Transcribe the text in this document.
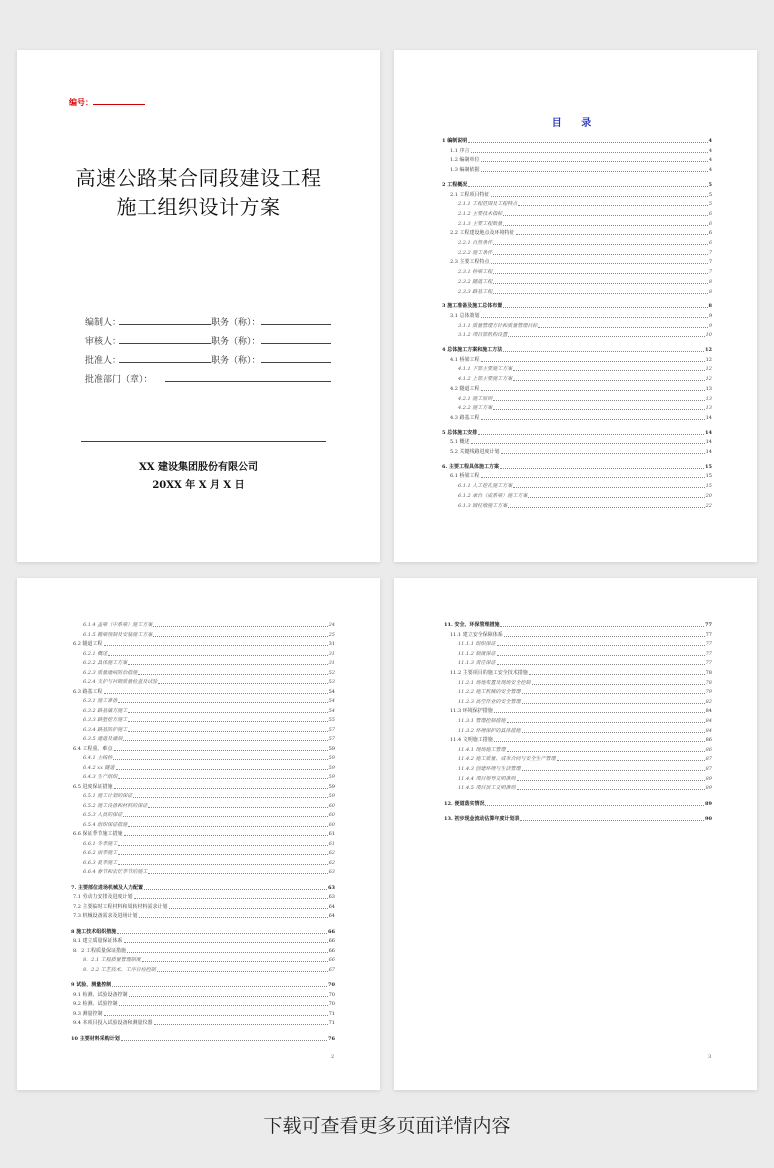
编号：
高速公路某合同段建设工程
施工组织设计方案
编制人：	职务（称）：
审核人：	职务（称）：
批准人：	职务（称）：
批准部门（章）：
XX 建设集团股份有限公司
20XX 年 X 月 X 日
目 录
1 编制说明	4
1.1 序言	4
1.2 编制单位	4
1.3 编制依据	4
2 工程概况	5
2.1 工程项目特征	5
2.1.1 工程范围及工程特点	5
2.1.2 主要技术指标	6
2.1.3 主要工程数量	6
2.2 工程建设地点及环境特征	6
2.2.1 自然条件	6
2.2.2 施工条件	7
2.3 主要工程特点	7
2.3.1 桥梁工程	7
2.3.2 隧道工程	8
2.3.3 路基工程	8
3 施工准备及施工总体布置	8
3.1 总体策划	9
3.1.1 质量管理方针和质量管理目标	9
3.1.2 项目部机构设置	10
4 总体施工方案和施工方法	12
4.1 桥梁工程	12
4.1.1 下部主要施工方案	12
4.1.2 上部主要施工方案	12
4.2 隧道工程	13
4.2.1 施工原则	13
4.2.2 施工方案	13
4.3 路基工程	14
5 总体施工安排	14
5.1 概述	14
5.2 关键线路进度计划	14
6. 主要工程具体施工方案	15
6.1 桥梁工程	15
6.1.1 人工挖孔施工方案	15
6.1.2 承台（或系梁）施工方案	20
6.1.3 圆柱墩施工方案	22
6.1.4 盖梁（中系梁）施工方案	24
6.1.5 箱梁预制及安装施工方案	25
6.2 隧道工程	31
6.2.1 概述	31
6.2.2 具体施工方案	31
6.2.3 质量通病防治措施	52
6.2.4 支护与衬砌质量检查及试验	53
6.3 路基工程	54
6.3.1 施工准备	54
6.3.2 路基填方施工	54
6.3.3 路堑挖方施工	55
6.3.4 路基防护施工	57
6.3.5 通道及涵洞	57
6.4 工程重、难点	59
6.4.1 主线桥	59
6.4.2 xx 隧道	59
6.4.3 生产组织	59
6.5 进度保证措施	59
6.5.1 施工计划的保证	59
6.5.2 施工设备和材料的保证	60
6.5.3 人员的保证	60
6.5.4 组织保证措施	60
6.6 保证季节施工措施	61
6.6.1 冬季施工	61
6.6.2 雨季施工	62
6.6.3 夏季施工	62
6.6.4 春节和农忙季节的施工	63
7. 主要部位进场机械及人力配置	63
7.1 劳动力安排及进度计划	63
7.2 主要临时工程材料和周转材料需求计划	64
7.3 机械设备需求及进场计划	64
8 施工技术组织措施	66
8.1 建立质量保证体系	66
8．2 工程质量保证措施	66
8．2.1 工程质量管理制度	66
8．2.2 工艺技术、工序自检控制	67
9 试验、测量控制	70
9.1 检测、试验设备控制	70
9.2 检测、试验控制	70
9.3 测量控制	71
9.4 本项目投入试验设备和测量仪器	71
10 主要材料采购计划	76
2
11. 安全、环保管理措施	77
11.1 建立安全保障体系	77
11.1.1 组织保证	77
11.1.2 制度保证	77
11.1.3 责任保证	77
11.2 主要项目的施工安全技术措施	78
11.2.1 场地布置及现场安全控制	78
11.2.2 施工机械的安全管理	79
11.2.3 高空作业的安全管理	82
11.3 环境保护措施	84
11.3.1 管理控制措施	84
11.3.2 环境保护的具体措施	84
11.4 文明施工措施	86
11.4.1 现场施工管理	86
11.4.2 施工质量、成本合同与安全生产管理	87
11.4.3 创建环境与生活管理	87
11.4.4 项目领导文明准则	89
11.4.5 项目员工文明准则	89
12. 便道落实情况	89
13. 初步现金流动估算年度计划表	90
3
下载可查看更多页面详情内容
